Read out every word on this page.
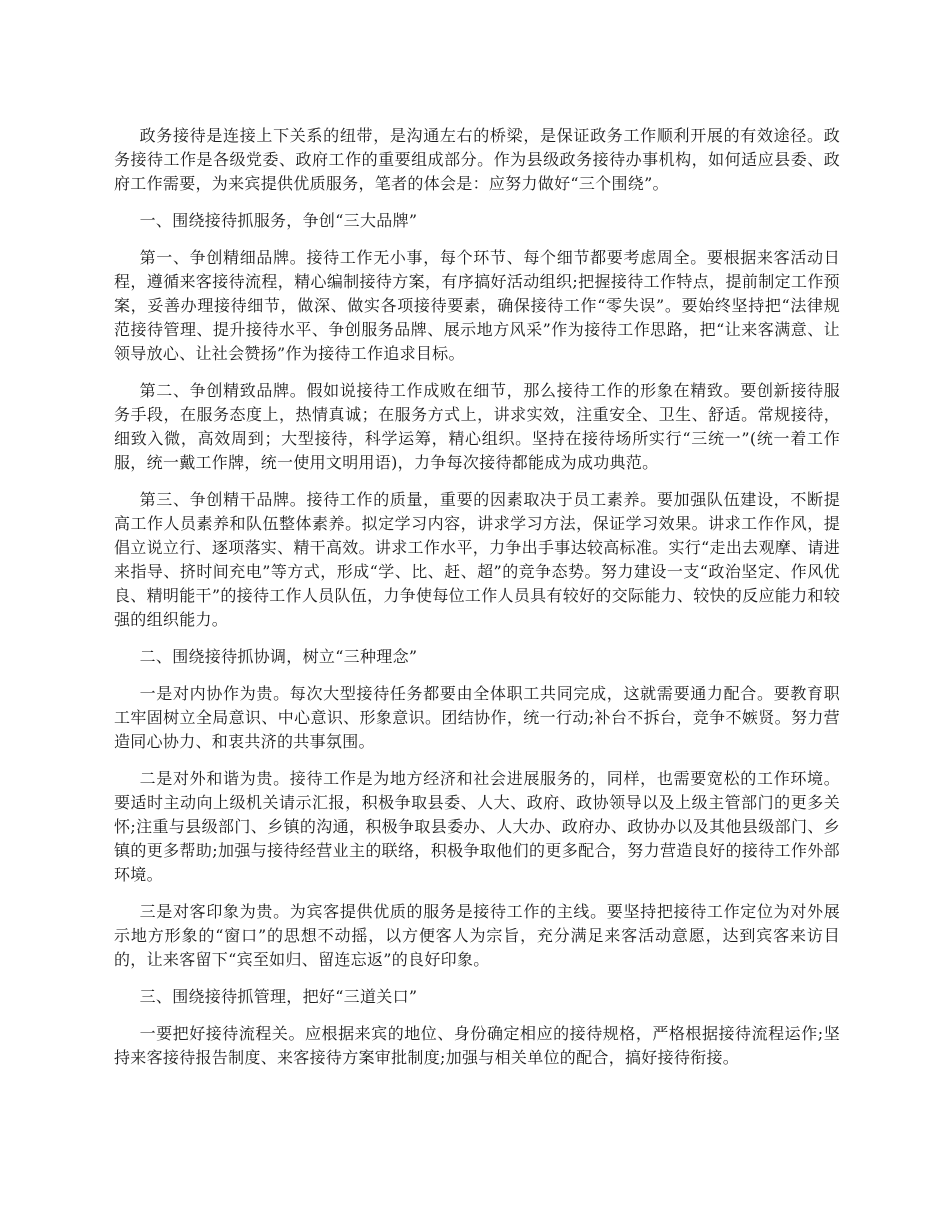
政务接待是连接上下关系的纽带，是沟通左右的桥梁，是保证政务工作顺利开展的有效途径。政务接待工作是各级党委、政府工作的重要组成部分。作为县级政务接待办事机构，如何适应县委、政府工作需要，为来宾提供优质服务，笔者的体会是：应努力做好“三个围绕”。

一、围绕接待抓服务，争创“三大品牌”

第一、争创精细品牌。接待工作无小事，每个环节、每个细节都要考虑周全。要根据来客活动日程，遵循来客接待流程，精心编制接待方案，有序搞好活动组织;把握接待工作特点，提前制定工作预案，妥善办理接待细节，做深、做实各项接待要素，确保接待工作“零失误”。要始终坚持把“法律规范接待管理、提升接待水平、争创服务品牌、展示地方风采”作为接待工作思路，把“让来客满意、让领导放心、让社会赞扬”作为接待工作追求目标。

第二、争创精致品牌。假如说接待工作成败在细节，那么接待工作的形象在精致。要创新接待服务手段，在服务态度上，热情真诚；在服务方式上，讲求实效，注重安全、卫生、舒适。常规接待，细致入微，高效周到；大型接待，科学运筹，精心组织。坚持在接待场所实行“三统一”(统一着工作服，统一戴工作牌，统一使用文明用语)，力争每次接待都能成为成功典范。

第三、争创精干品牌。接待工作的质量，重要的因素取决于员工素养。要加强队伍建设，不断提高工作人员素养和队伍整体素养。拟定学习内容，讲求学习方法，保证学习效果。讲求工作作风，提倡立说立行、逐项落实、精干高效。讲求工作水平，力争出手事达较高标准。实行“走出去观摩、请进来指导、挤时间充电”等方式，形成“学、比、赶、超”的竞争态势。努力建设一支“政治坚定、作风优良、精明能干”的接待工作人员队伍，力争使每位工作人员具有较好的交际能力、较快的反应能力和较强的组织能力。

二、围绕接待抓协调，树立“三种理念”

一是对内协作为贵。每次大型接待任务都要由全体职工共同完成，这就需要通力配合。要教育职工牢固树立全局意识、中心意识、形象意识。团结协作，统一行动;补台不拆台，竞争不嫉贤。努力营造同心协力、和衷共济的共事氛围。

二是对外和谐为贵。接待工作是为地方经济和社会进展服务的，同样，也需要宽松的工作环境。要适时主动向上级机关请示汇报，积极争取县委、人大、政府、政协领导以及上级主管部门的更多关怀;注重与县级部门、乡镇的沟通，积极争取县委办、人大办、政府办、政协办以及其他县级部门、乡镇的更多帮助;加强与接待经营业主的联络，积极争取他们的更多配合，努力营造良好的接待工作外部环境。

三是对客印象为贵。为宾客提供优质的服务是接待工作的主线。要坚持把接待工作定位为对外展示地方形象的“窗口”的思想不动摇，以方便客人为宗旨，充分满足来客活动意愿，达到宾客来访目的，让来客留下“宾至如归、留连忘返”的良好印象。

三、围绕接待抓管理，把好“三道关口”

一要把好接待流程关。应根据来宾的地位、身份确定相应的接待规格，严格根据接待流程运作;坚持来客接待报告制度、来客接待方案审批制度;加强与相关单位的配合，搞好接待衔接。
